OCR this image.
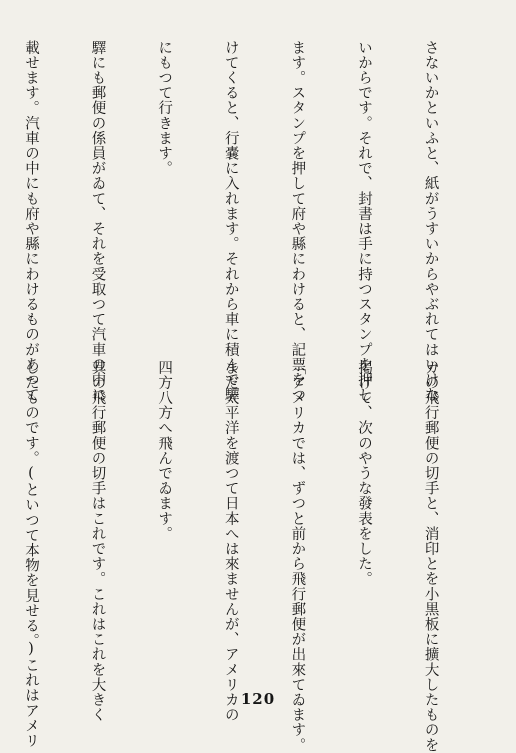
さないかといふと、紙がうすいからやぶれてはいけな

いからです。それで、封書は手に持つスタンプを押し

ます。スタンプを押して府や縣にわけると、記票をつ

けてくると、行嚢に入れます。それから車に積んで驛

にもつて行きます。

驛にも郵便の係員がゐて、それを受取つて汽車の中に

載せます。汽車の中にも府や縣にわけるものがあつて

カの飛行郵便の切手と、消印とを小黒板に擴大したものを

掲げて、次のやうな發表をした。

「アメリカでは、ずつと前から飛行郵便が出來てゐます。

まだ太平洋を渡つて日本へは來ませんが、アメリカの

四方八方へ飛んでゐます。

其の飛行郵便の切手はこれです。これはこれを大きく

したものです。(といつて本物を見せる。)これはアメリ

	120
